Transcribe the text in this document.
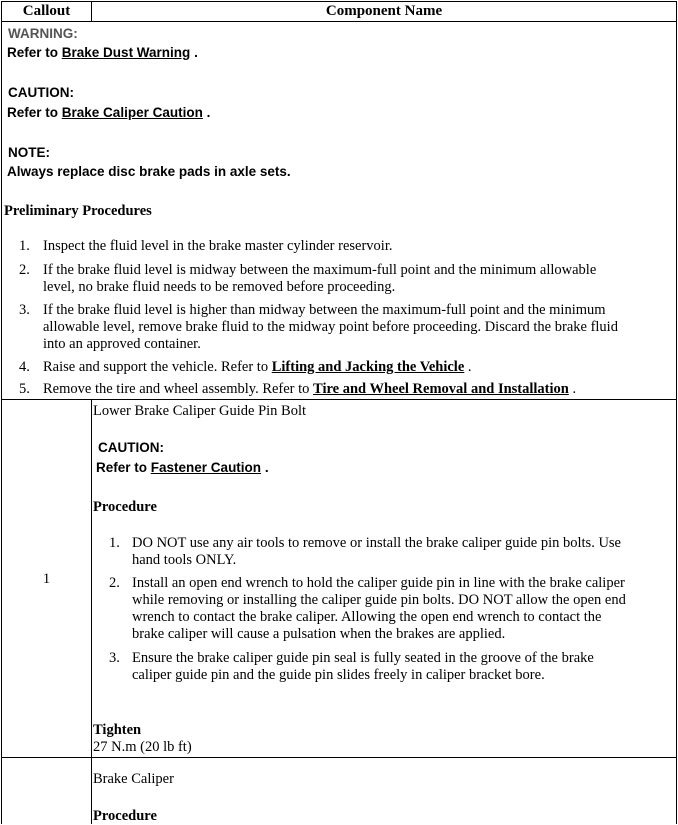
Callout	Component Name
WARNING:
Refer to Brake Dust Warning .
CAUTION:
Refer to Brake Caliper Caution .
NOTE:
Always replace disc brake pads in axle sets.
Preliminary Procedures
1. Inspect the fluid level in the brake master cylinder reservoir.
2. If the brake fluid level is midway between the maximum-full point and the minimum allowable
level, no brake fluid needs to be removed before proceeding.
3. If the brake fluid level is higher than midway between the maximum-full point and the minimum
allowable level, remove brake fluid to the midway point before proceeding. Discard the brake fluid
into an approved container.
4. Raise and support the vehicle. Refer to Lifting and Jacking the Vehicle .
5. Remove the tire and wheel assembly. Refer to Tire and Wheel Removal and Installation .
1
Lower Brake Caliper Guide Pin Bolt
CAUTION:
Refer to Fastener Caution .
Procedure
1. DO NOT use any air tools to remove or install the brake caliper guide pin bolts. Use
hand tools ONLY.
2. Install an open end wrench to hold the caliper guide pin in line with the brake caliper
while removing or installing the caliper guide pin bolts. DO NOT allow the open end
wrench to contact the brake caliper. Allowing the open end wrench to contact the
brake caliper will cause a pulsation when the brakes are applied.
3. Ensure the brake caliper guide pin seal is fully seated in the groove of the brake
caliper guide pin and the guide pin slides freely in caliper bracket bore.
Tighten
27 N.m (20 lb ft)
Brake Caliper
Procedure
